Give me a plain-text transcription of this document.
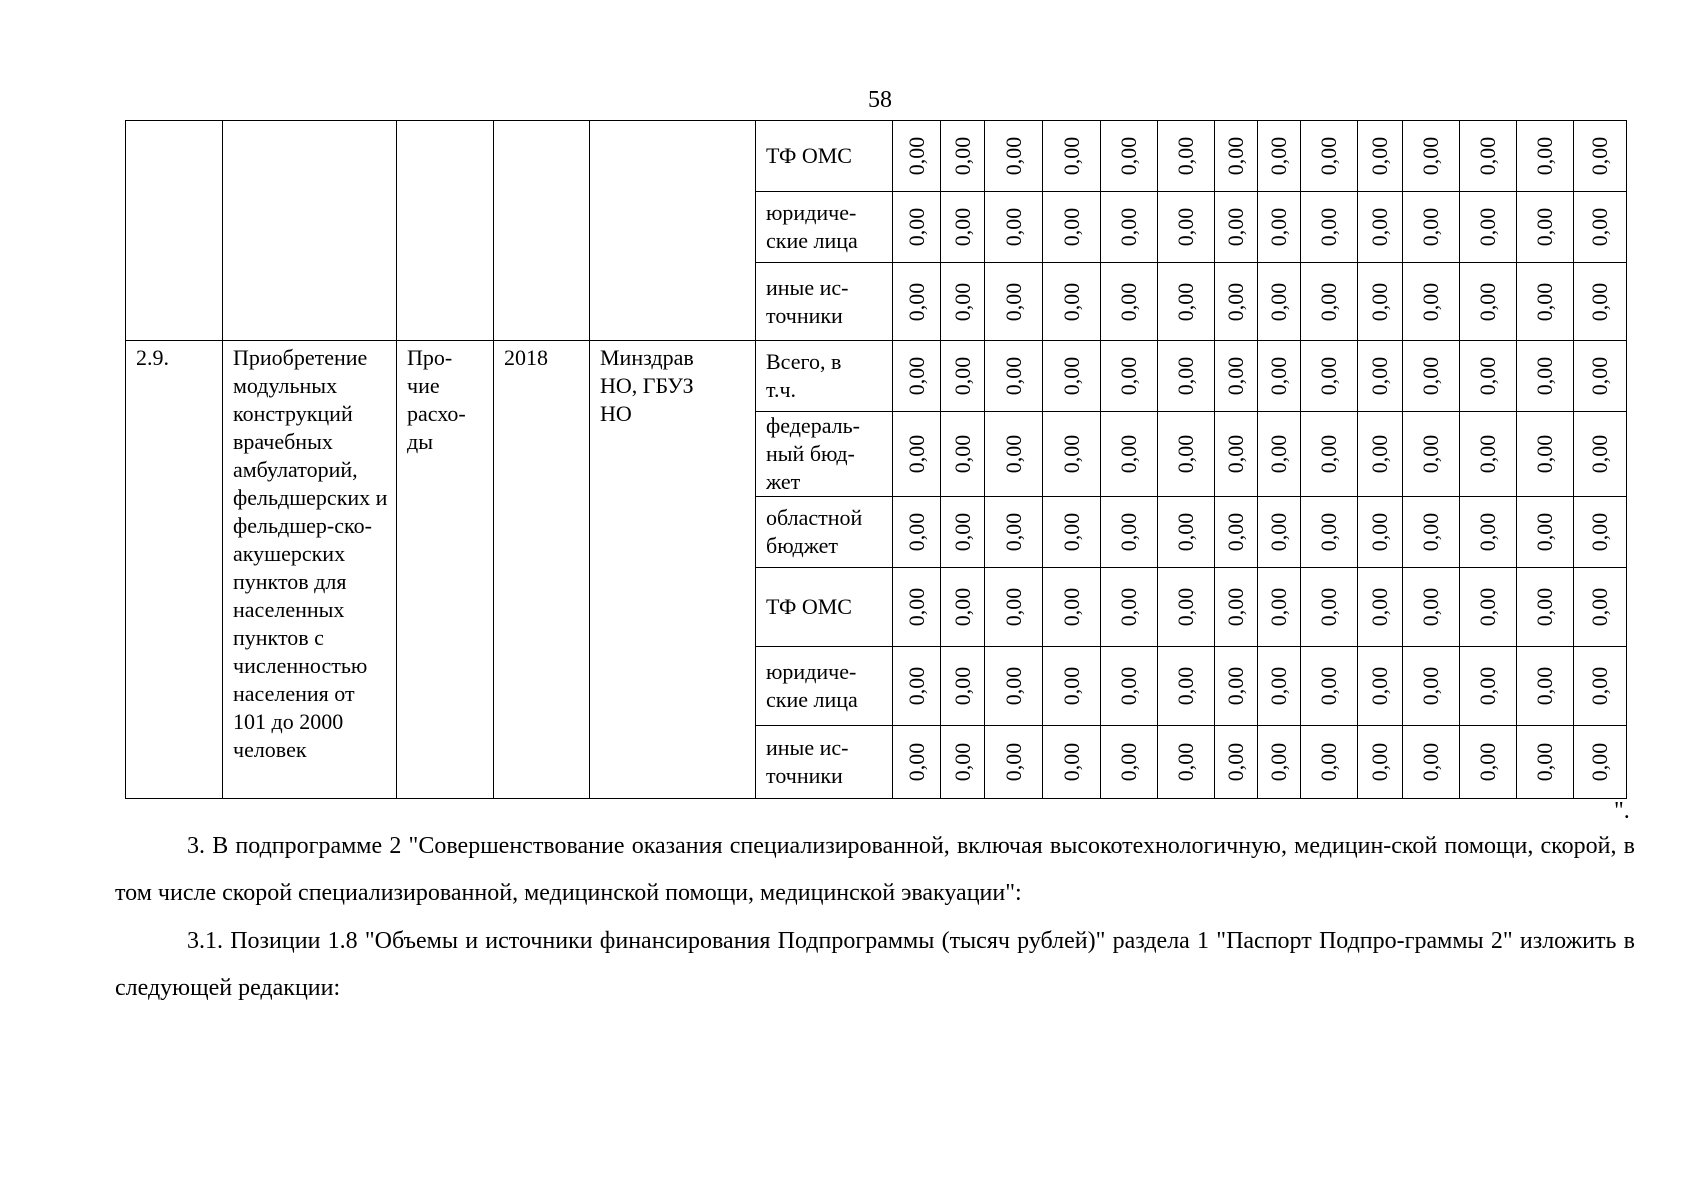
58
					ТФ ОМС	0,00	0,00	0,00	0,00	0,00	0,00	0,00	0,00	0,00	0,00	0,00	0,00	0,00	0,00

					юридиче-
ские лица	0,00	0,00	0,00	0,00	0,00	0,00	0,00	0,00	0,00	0,00	0,00	0,00	0,00	0,00

					иные ис-
точники	0,00	0,00	0,00	0,00	0,00	0,00	0,00	0,00	0,00	0,00	0,00	0,00	0,00	0,00

2.9.	Приобретение модульных конструкций врачебных амбулаторий, фельдшерских и фельдшер-ско-акушерских пунктов для населенных пунктов с численностью населения от 101 до 2000 человек	Про-
чие
расхо-
ды	2018	Минздрав
НО, ГБУЗ
НО	Всего, в
т.ч.	0,00	0,00	0,00	0,00	0,00	0,00	0,00	0,00	0,00	0,00	0,00	0,00	0,00	0,00

					федераль-
ный бюд-
жет	0,00	0,00	0,00	0,00	0,00	0,00	0,00	0,00	0,00	0,00	0,00	0,00	0,00	0,00

					областной
бюджет	0,00	0,00	0,00	0,00	0,00	0,00	0,00	0,00	0,00	0,00	0,00	0,00	0,00	0,00

					ТФ ОМС	0,00	0,00	0,00	0,00	0,00	0,00	0,00	0,00	0,00	0,00	0,00	0,00	0,00	0,00

					юридиче-
ские лица	0,00	0,00	0,00	0,00	0,00	0,00	0,00	0,00	0,00	0,00	0,00	0,00	0,00	0,00

					иные ис-
точники	0,00	0,00	0,00	0,00	0,00	0,00	0,00	0,00	0,00	0,00	0,00	0,00	0,00	0,00
".

3. В подпрограмме 2 "Совершенствование оказания специализированной, включая высокотехнологичную, медицин-ской помощи, скорой, в том числе скорой специализированной, медицинской помощи, медицинской эвакуации":

3.1. Позиции 1.8 "Объемы и источники финансирования Подпрограммы (тысяч рублей)" раздела 1 "Паспорт Подпро-граммы 2" изложить в следующей редакции:
